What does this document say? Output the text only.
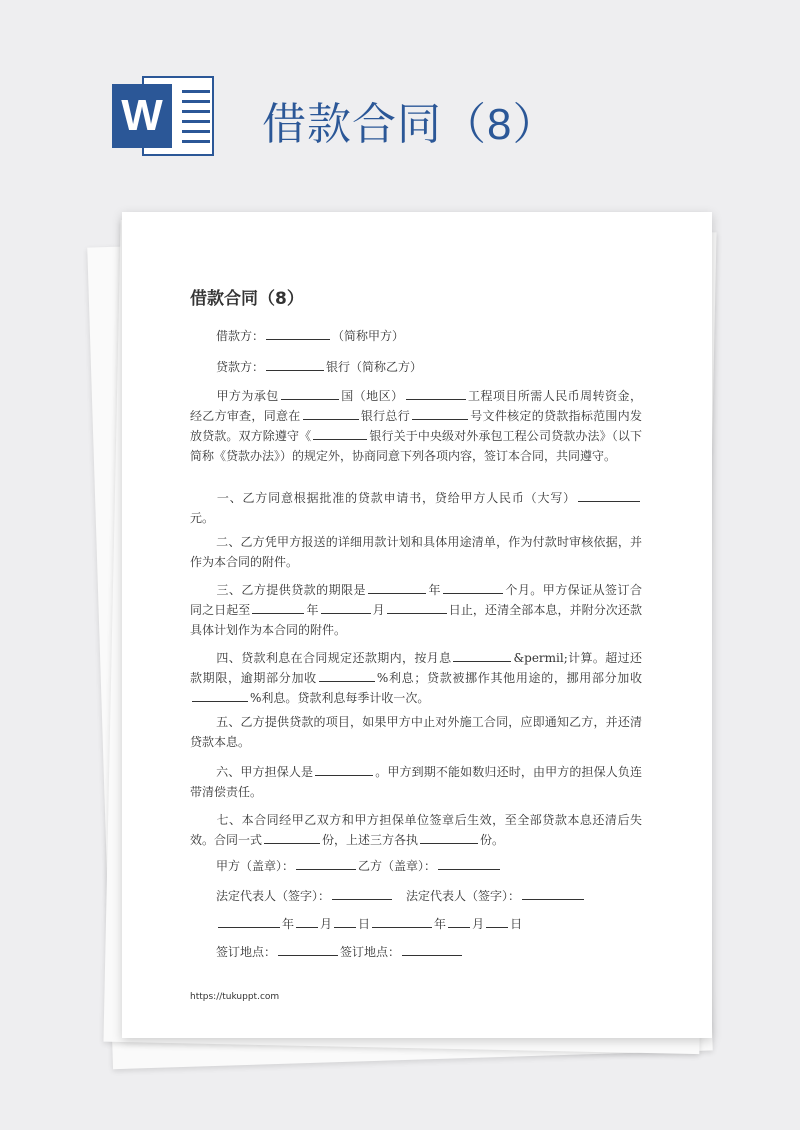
W 借款合同（8）
借款合同（8）
借款方：	（简称甲方）
贷款方：	银行（简称乙方）

甲方为承包	国（地区）	工程项目所需人民币周转资金，经乙方审查，同意在	银行总行	号文件核定的贷款指标范围内发放贷款。双方除遵守《	银行关于中央级对外承包工程公司贷款办法》（以下简称《贷款办法》）的规定外，协商同意下列各项内容，签订本合同，共同遵守。

一、乙方同意根据批准的贷款申请书，贷给甲方人民币（大写）元。

二、乙方凭甲方报送的详细用款计划和具体用途清单，作为付款时审核依据，并作为本合同的附件。

三、乙方提供贷款的期限是	年	个月。甲方保证从签订合同之日起至	年	月	日止，还清全部本息，并附分次还款具体计划作为本合同的附件。

四、贷款利息在合同规定还款期内，按月息	&permil;计算。超过还款期限，逾期部分加收	%利息；贷款被挪作其他用途的，挪用部分加收%利息。贷款利息每季计收一次。

五、乙方提供贷款的项目，如果甲方中止对外施工合同，应即通知乙方，并还清贷款本息。

六、甲方担保人是	。甲方到期不能如数归还时，由甲方的担保人负连带清偿责任。

七、本合同经甲乙双方和甲方担保单位签章后生效，至全部贷款本息还清后失效。合同一式	份，上述三方各执	份。

甲方（盖章）：	乙方（盖章）：
法定代表人（签字）：	法定代表人（签字）：
年 月 日	年 月 日
签订地点：	签订地点：
https://tukuppt.com
